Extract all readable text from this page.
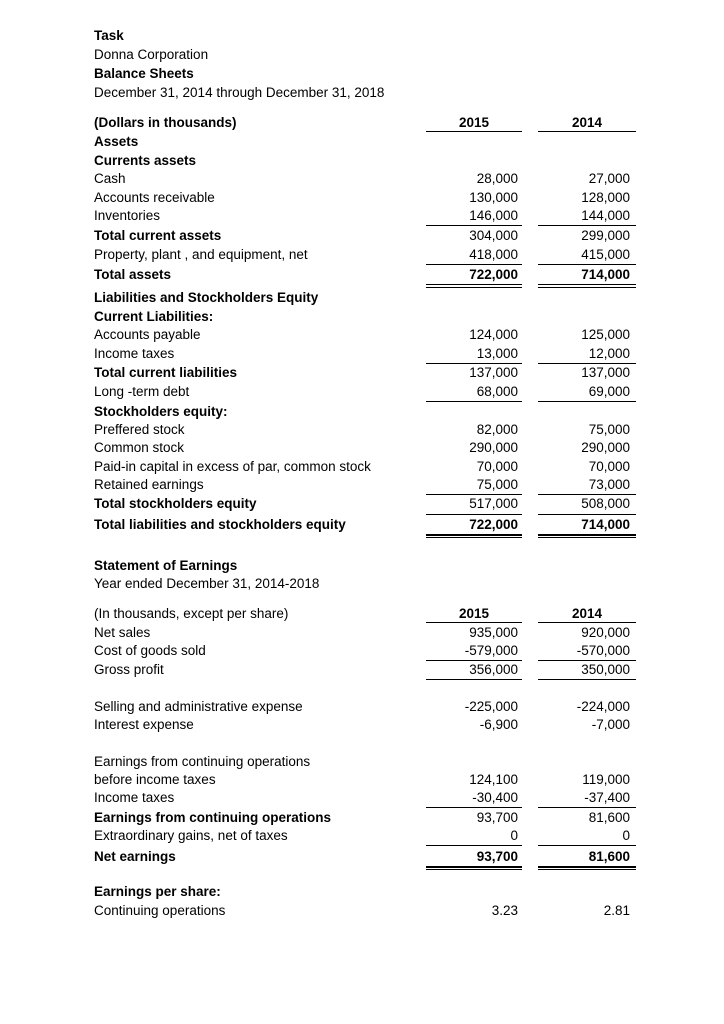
Task
Donna Corporation
Balance Sheets
December 31, 2014 through December 31, 2018
(Dollars in thousands)	2015	2014
Assets
Currents assets
Cash	28,000	27,000
Accounts receivable	130,000	128,000
Inventories	146,000	144,000
Total current assets	304,000	299,000
Property, plant , and equipment, net	418,000	415,000
Total assets	722,000	714,000
Liabilities and Stockholders Equity
Current Liabilities:
Accounts payable	124,000	125,000
Income taxes	13,000	12,000
Total current liabilities	137,000	137,000
Long -term debt	68,000	69,000
Stockholders equity:
Preffered stock	82,000	75,000
Common stock	290,000	290,000
Paid-in capital in excess of par, common stock	70,000	70,000
Retained earnings	75,000	73,000
Total stockholders equity	517,000	508,000
Total liabilities and stockholders equity	722,000	714,000
Statement of Earnings
Year ended December 31, 2014-2018
(In thousands, except per share)	2015	2014
Net sales	935,000	920,000
Cost of goods sold	-579,000	-570,000
Gross profit	356,000	350,000
Selling and administrative expense	-225,000	-224,000
Interest expense	-6,900	-7,000
Earnings from continuing operations
before income taxes	124,100	119,000
Income taxes	-30,400	-37,400
Earnings from continuing operations	93,700	81,600
Extraordinary gains, net of taxes	0	0
Net earnings	93,700	81,600
Earnings per share:
Continuing operations	3.23	2.81
